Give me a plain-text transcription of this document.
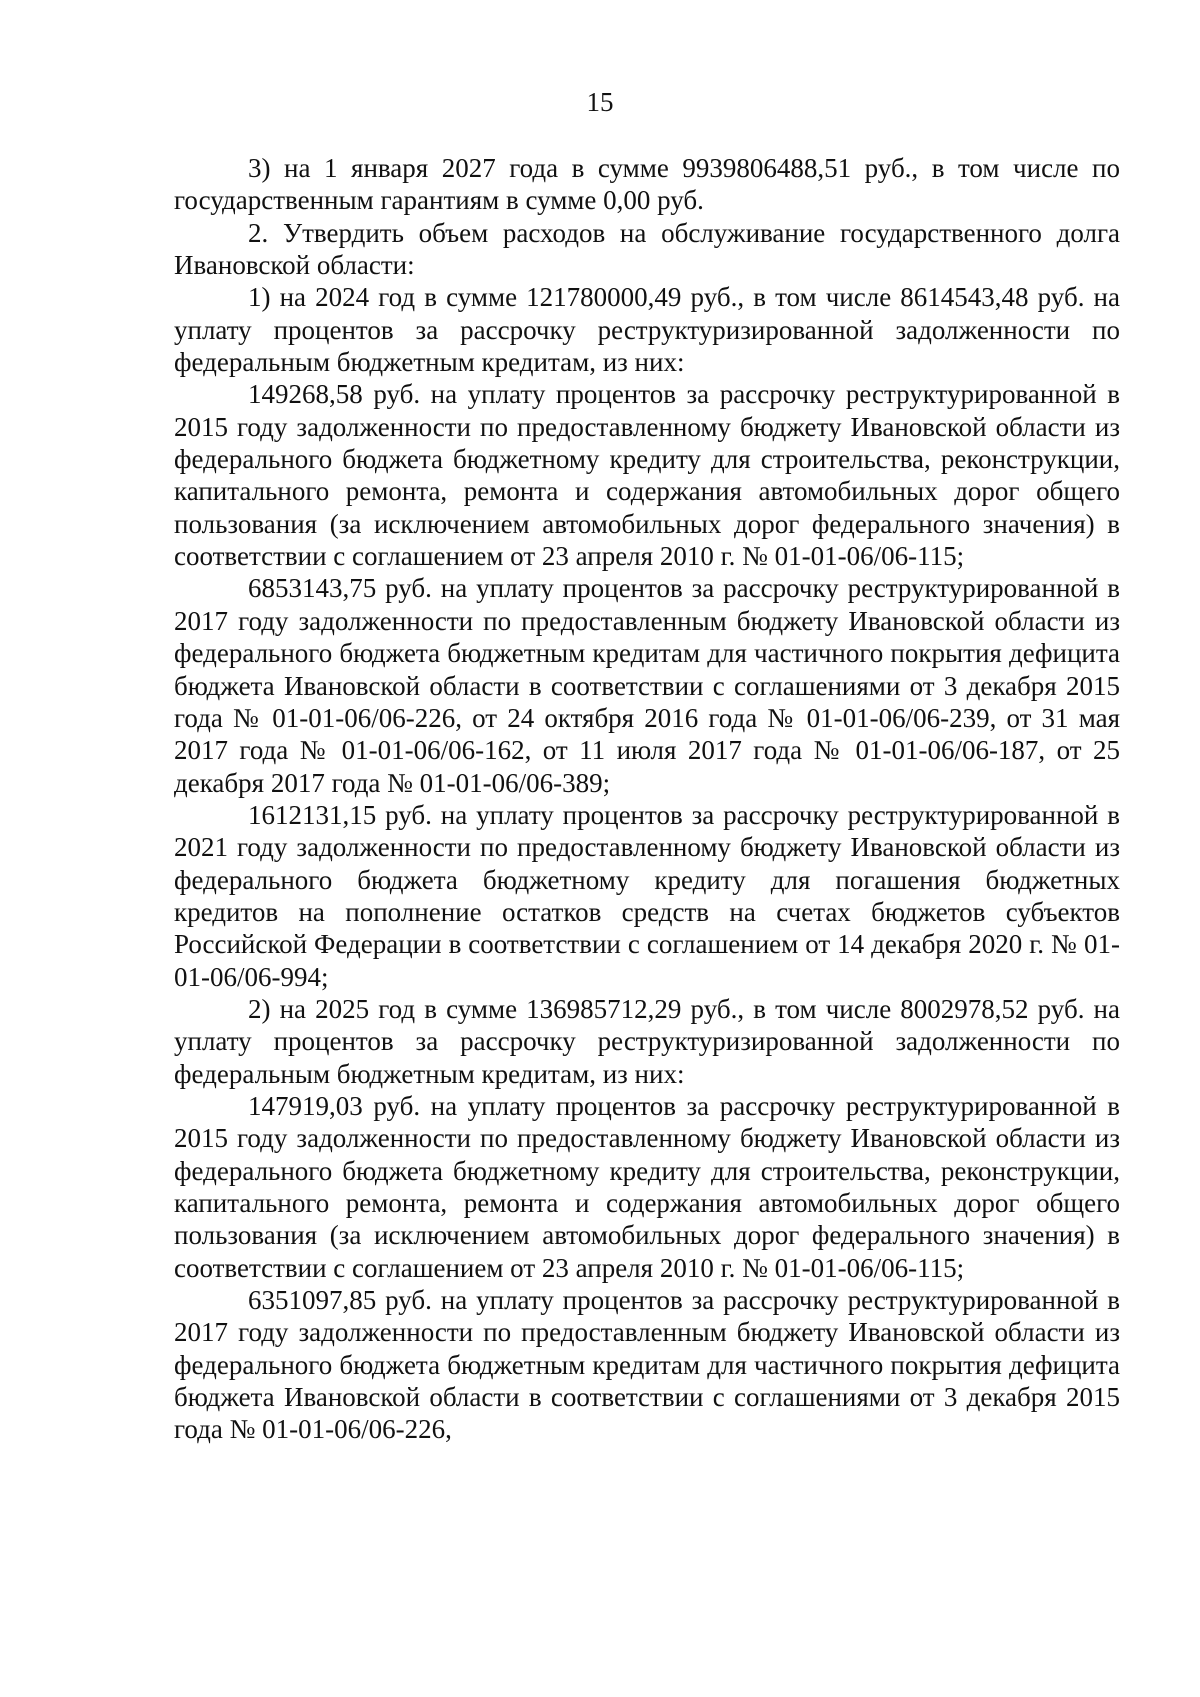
15

3) на 1 января 2027 года в сумме 9939806488,51 руб., в том числе по государственным гарантиям в сумме 0,00 руб.

2. Утвердить объем расходов на обслуживание государственного долга Ивановской области:

1) на 2024 год в сумме 121780000,49 руб., в том числе 8614543,48 руб. на уплату процентов за рассрочку реструктуризированной задолженности по федеральным бюджетным кредитам, из них:

149268,58 руб. на уплату процентов за рассрочку реструктурированной в 2015 году задолженности по предоставленному бюджету Ивановской области из федерального бюджета бюджетному кредиту для строительства, реконструкции, капитального ремонта, ремонта и содержания автомобильных дорог общего пользования (за исключением автомобильных дорог федерального значения) в соответствии с соглашением от 23 апреля 2010 г. № 01-01-06/06-115;

6853143,75 руб. на уплату процентов за рассрочку реструктурированной в 2017 году задолженности по предоставленным бюджету Ивановской области из федерального бюджета бюджетным кредитам для частичного покрытия дефицита бюджета Ивановской области в соответствии с соглашениями от 3 декабря 2015 года № 01-01-06/06-226, от 24 октября 2016 года № 01-01-06/06-239, от 31 мая 2017 года № 01-01-06/06-162, от 11 июля 2017 года № 01-01-06/06-187, от 25 декабря 2017 года № 01-01-06/06-389;

1612131,15 руб. на уплату процентов за рассрочку реструктурированной в 2021 году задолженности по предоставленному бюджету Ивановской области из федерального бюджета бюджетному кредиту для погашения бюджетных кредитов на пополнение остатков средств на счетах бюджетов субъектов Российской Федерации в соответствии с соглашением от 14 декабря 2020 г. № 01-01-06/06-994;

2) на 2025 год в сумме 136985712,29 руб., в том числе 8002978,52 руб. на уплату процентов за рассрочку реструктуризированной задолженности по федеральным бюджетным кредитам, из них:

147919,03 руб. на уплату процентов за рассрочку реструктурированной в 2015 году задолженности по предоставленному бюджету Ивановской области из федерального бюджета бюджетному кредиту для строительства, реконструкции, капитального ремонта, ремонта и содержания автомобильных дорог общего пользования (за исключением автомобильных дорог федерального значения) в соответствии с соглашением от 23 апреля 2010 г. № 01-01-06/06-115;

6351097,85 руб. на уплату процентов за рассрочку реструктурированной в 2017 году задолженности по предоставленным бюджету Ивановской области из федерального бюджета бюджетным кредитам для частичного покрытия дефицита бюджета Ивановской области в соответствии с соглашениями от 3 декабря 2015 года № 01-01-06/06-226,
